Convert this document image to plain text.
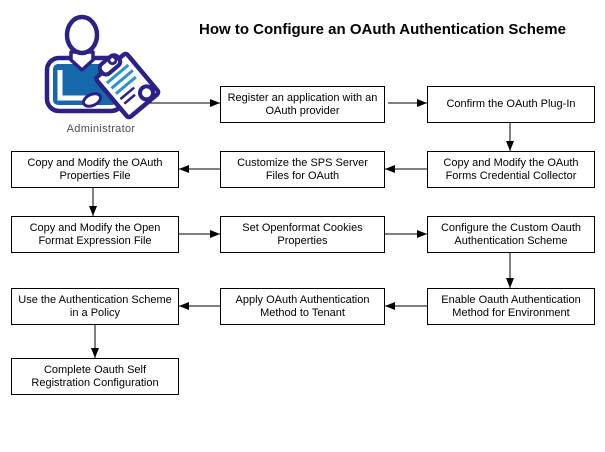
How to Configure an OAuth Authentication Scheme
Administrator
Register an application with an OAuth provider
Confirm the OAuth Plug-In
Copy and Modify the OAuth Forms Credential Collector
Customize the SPS Server Files for OAuth
Copy and Modify the OAuth Properties File
Copy and Modify the Open Format Expression File
Set Openformat Cookies Properties
Configure the Custom Oauth Authentication Scheme
Enable Oauth Authentication Method for Environment
Apply OAuth Authentication Method to Tenant
Use the Authentication Scheme in a Policy
Complete Oauth Self Registration Configuration
